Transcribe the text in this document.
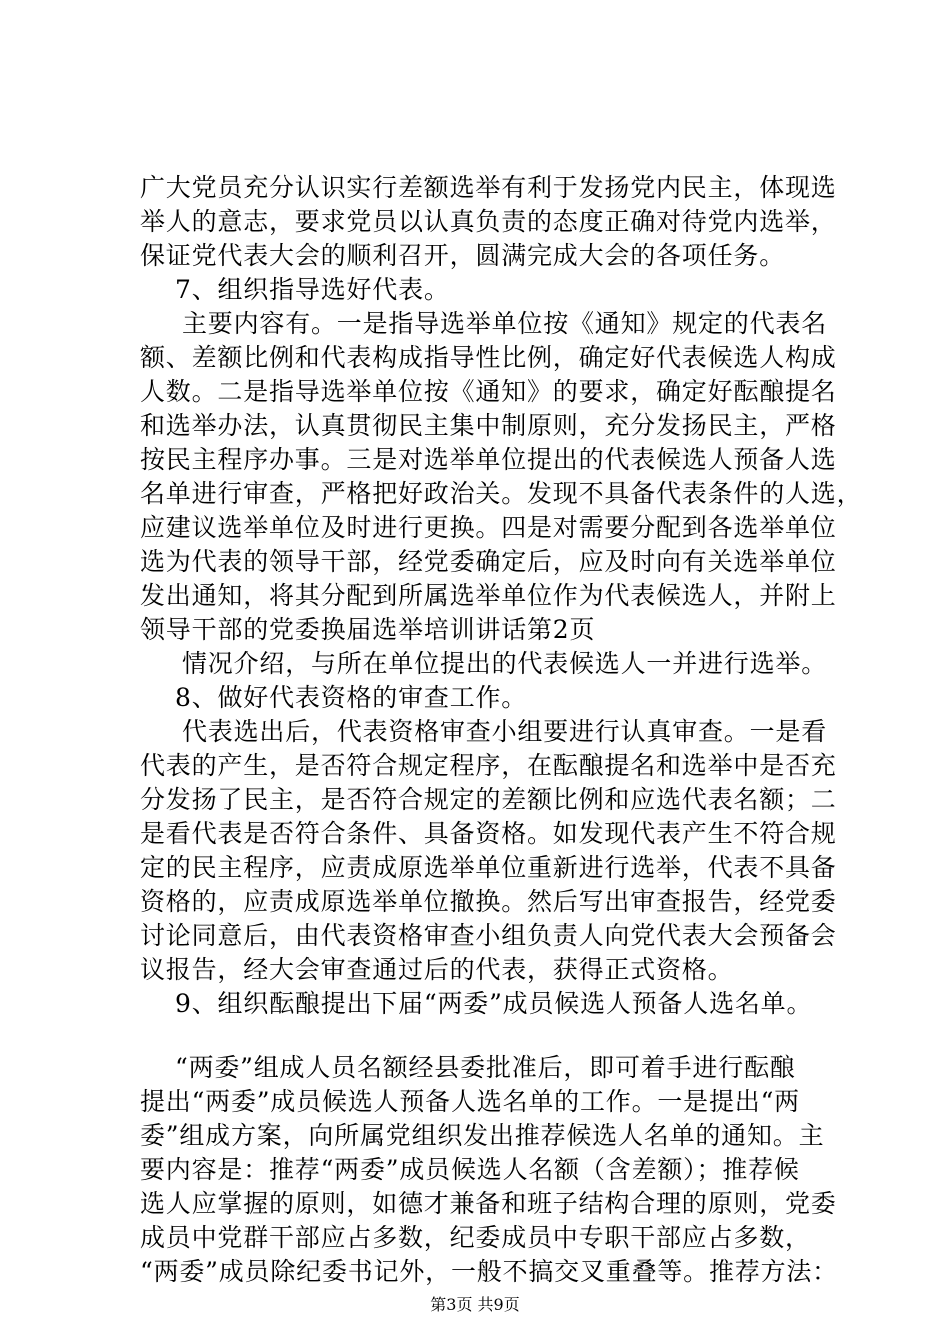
广大党员充分认识实行差额选举有利于发扬党内民主，体现选
举人的意志，要求党员以认真负责的态度正确对待党内选举，
保证党代表大会的顺利召开，圆满完成大会的各项任务。
7、组织指导选好代表。
主要内容有。一是指导选举单位按《通知》规定的代表名
额、差额比例和代表构成指导性比例，确定好代表候选人构成
人数。二是指导选举单位按《通知》的要求，确定好酝酿提名
和选举办法，认真贯彻民主集中制原则，充分发扬民主，严格
按民主程序办事。三是对选举单位提出的代表候选人预备人选
名单进行审查，严格把好政治关。发现不具备代表条件的人选，
应建议选举单位及时进行更换。四是对需要分配到各选举单位
选为代表的领导干部，经党委确定后，应及时向有关选举单位
发出通知，将其分配到所属选举单位作为代表候选人，并附上
领导干部的党委换届选举培训讲话第2页
情况介绍，与所在单位提出的代表候选人一并进行选举。
8、做好代表资格的审查工作。
代表选出后，代表资格审查小组要进行认真审查。一是看
代表的产生，是否符合规定程序，在酝酿提名和选举中是否充
分发扬了民主，是否符合规定的差额比例和应选代表名额；二
是看代表是否符合条件、具备资格。如发现代表产生不符合规
定的民主程序，应责成原选举单位重新进行选举，代表不具备
资格的，应责成原选举单位撤换。然后写出审查报告，经党委
讨论同意后，由代表资格审查小组负责人向党代表大会预备会
议报告，经大会审查通过后的代表，获得正式资格。
9、组织酝酿提出下届“两委”成员候选人预备人选名单。
“两委”组成人员名额经县委批准后，即可着手进行酝酿
提出“两委”成员候选人预备人选名单的工作。一是提出“两
委”组成方案，向所属党组织发出推荐候选人名单的通知。主
要内容是：推荐“两委”成员候选人名额（含差额）；推荐候
选人应掌握的原则，如德才兼备和班子结构合理的原则，党委
成员中党群干部应占多数，纪委成员中专职干部应占多数，
“两委”成员除纪委书记外，一般不搞交叉重叠等。推荐方法：
第3页 共9页
